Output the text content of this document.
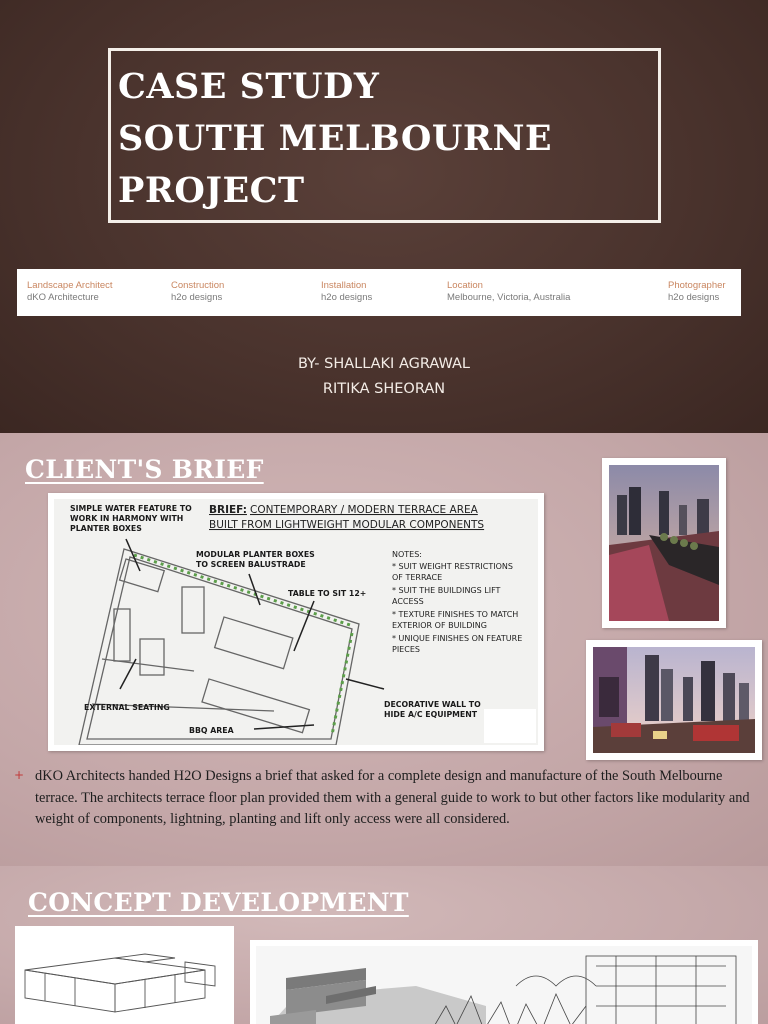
CASE STUDY
SOUTH MELBOURNE
PROJECT
Landscape Architect
dKO Architecture
Construction
h2o designs
Installation
h2o designs
Location
Melbourne, Victoria, Australia
Photographer
h2o designs
BY- SHALLAKI AGRAWAL
RITIKA SHEORAN
CLIENT'S BRIEF
SIMPLE WATER FEATURE TO
WORK IN HARMONY WITH
PLANTER BOXES
MODULAR PLANTER BOXES
TO SCREEN BALUSTRADE
TABLE TO SIT 12+
EXTERNAL SEATING	DECORATIVE WALL TO
HIDE A/C EQUIPMENT
BBQ AREA
BRIEF: CONTEMPORARY / MODERN TERRACE AREA
BUILT FROM LIGHTWEIGHT MODULAR COMPONENTS
NOTES:
* SUIT WEIGHT RESTRICTIONS
OF TERRACE
* SUIT THE BUILDINGS LIFT
ACCESS
* TEXTURE FINISHES TO MATCH
EXTERIOR OF BUILDING
* UNIQUE FINISHES ON FEATURE
PIECES
+ dKO Architects handed H2O Designs a brief that asked for a complete design and manufacture of the South Melbourne terrace. The architects terrace floor plan provided them with a general guide to work to but other factors like modularity and weight of components, lightning, planting and lift only access were all considered.

CONCEPT DEVELOPMENT
